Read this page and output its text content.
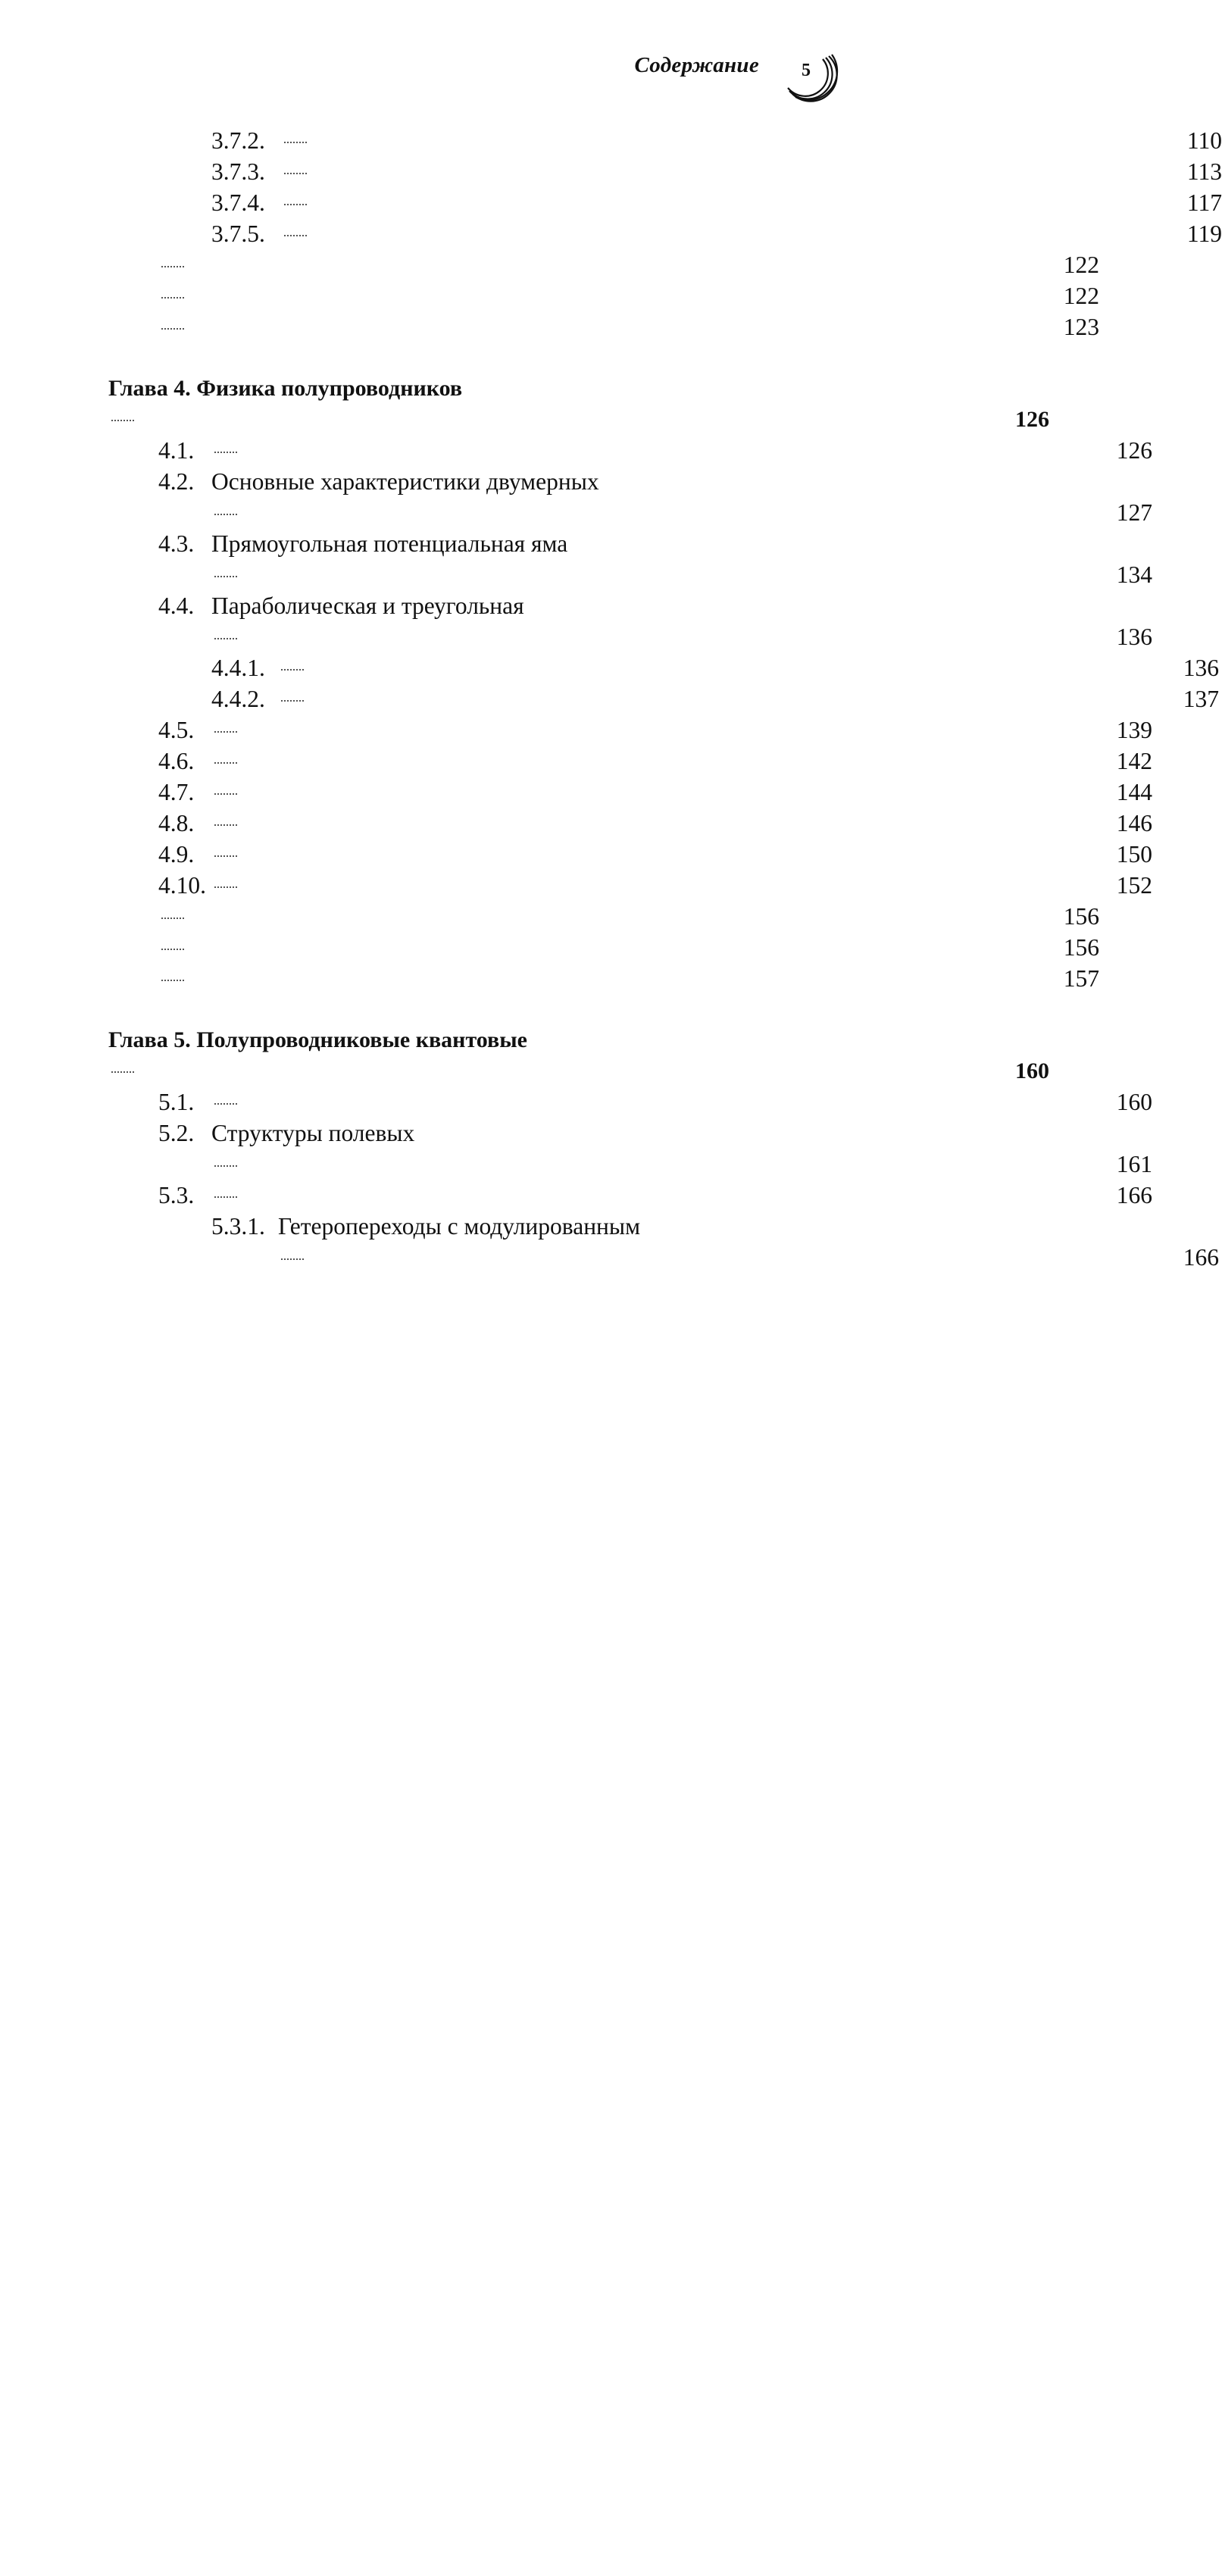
Содержание 5
3.7.2.	110
3.7.3.	113
3.7.4.	117
3.7.5.	119
122
122
123
Глава 4. Физика полупроводников
126
4.1.	126
4.2. Основные характеристики двумерных
127
4.3. Прямоугольная потенциальная яма
134
4.4. Параболическая и треугольная
136
4.4.1.	136
4.4.2.	137
4.5.	139
4.6.	142
4.7.	144
4.8.	146
4.9.	150
4.10.	152
156
156
157
Глава 5. Полупроводниковые квантовые
160
5.1.	160
5.2. Структуры полевых
161
5.3.	166
5.3.1. Гетеропереходы с модулированным
166
